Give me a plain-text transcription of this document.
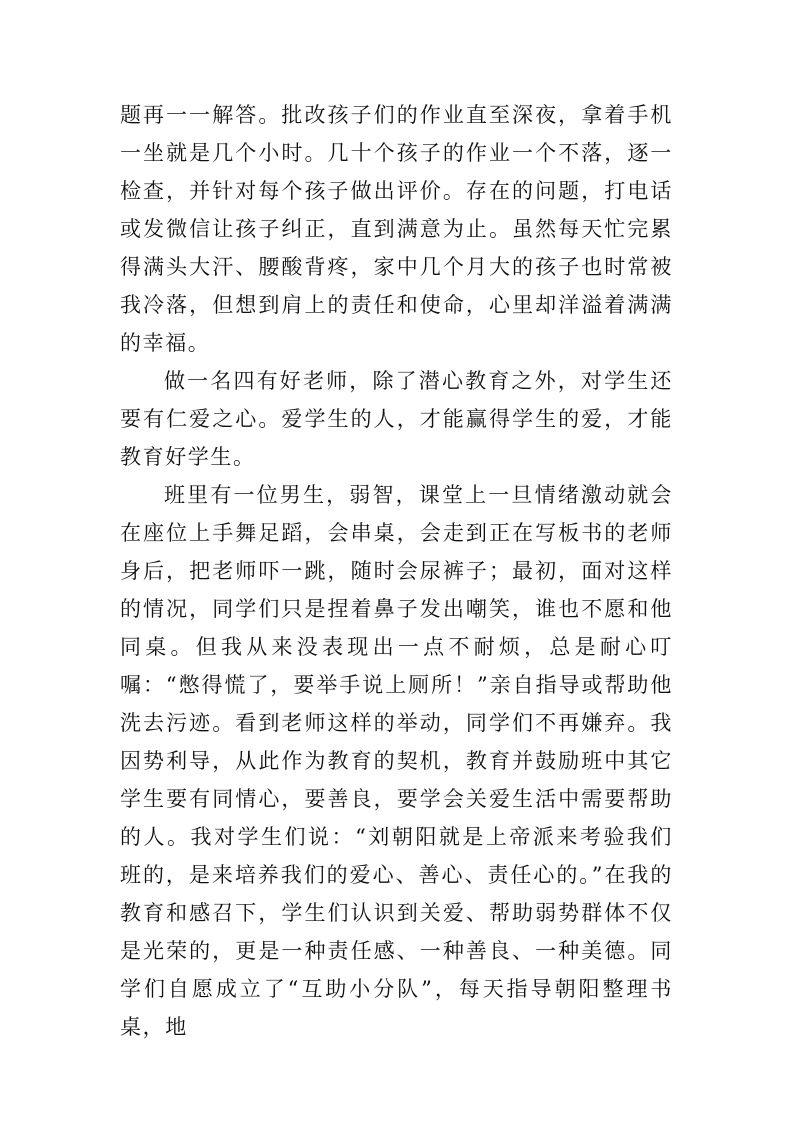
题再一一解答。批改孩子们的作业直至深夜，拿着手机一坐就是几个小时。几十个孩子的作业一个不落，逐一检查，并针对每个孩子做出评价。存在的问题，打电话或发微信让孩子纠正，直到满意为止。虽然每天忙完累得满头大汗、腰酸背疼，家中几个月大的孩子也时常被我冷落，但想到肩上的责任和使命，心里却洋溢着满满的幸福。

做一名四有好老师，除了潜心教育之外，对学生还要有仁爱之心。爱学生的人，才能赢得学生的爱，才能教育好学生。

班里有一位男生，弱智，课堂上一旦情绪激动就会在座位上手舞足蹈，会串桌，会走到正在写板书的老师身后，把老师吓一跳，随时会尿裤子；最初，面对这样的情况，同学们只是捏着鼻子发出嘲笑，谁也不愿和他同桌。但我从来没表现出一点不耐烦，总是耐心叮嘱：“憋得慌了，要举手说上厕所！”亲自指导或帮助他洗去污迹。看到老师这样的举动，同学们不再嫌弃。我因势利导，从此作为教育的契机，教育并鼓励班中其它学生要有同情心，要善良，要学会关爱生活中需要帮助的人。我对学生们说：“刘朝阳就是上帝派来考验我们班的，是来培养我们的爱心、善心、责任心的。”在我的教育和感召下，学生们认识到关爱、帮助弱势群体不仅是光荣的，更是一种责任感、一种善良、一种美德。同学们自愿成立了“互助小分队”，每天指导朝阳整理书桌，地
